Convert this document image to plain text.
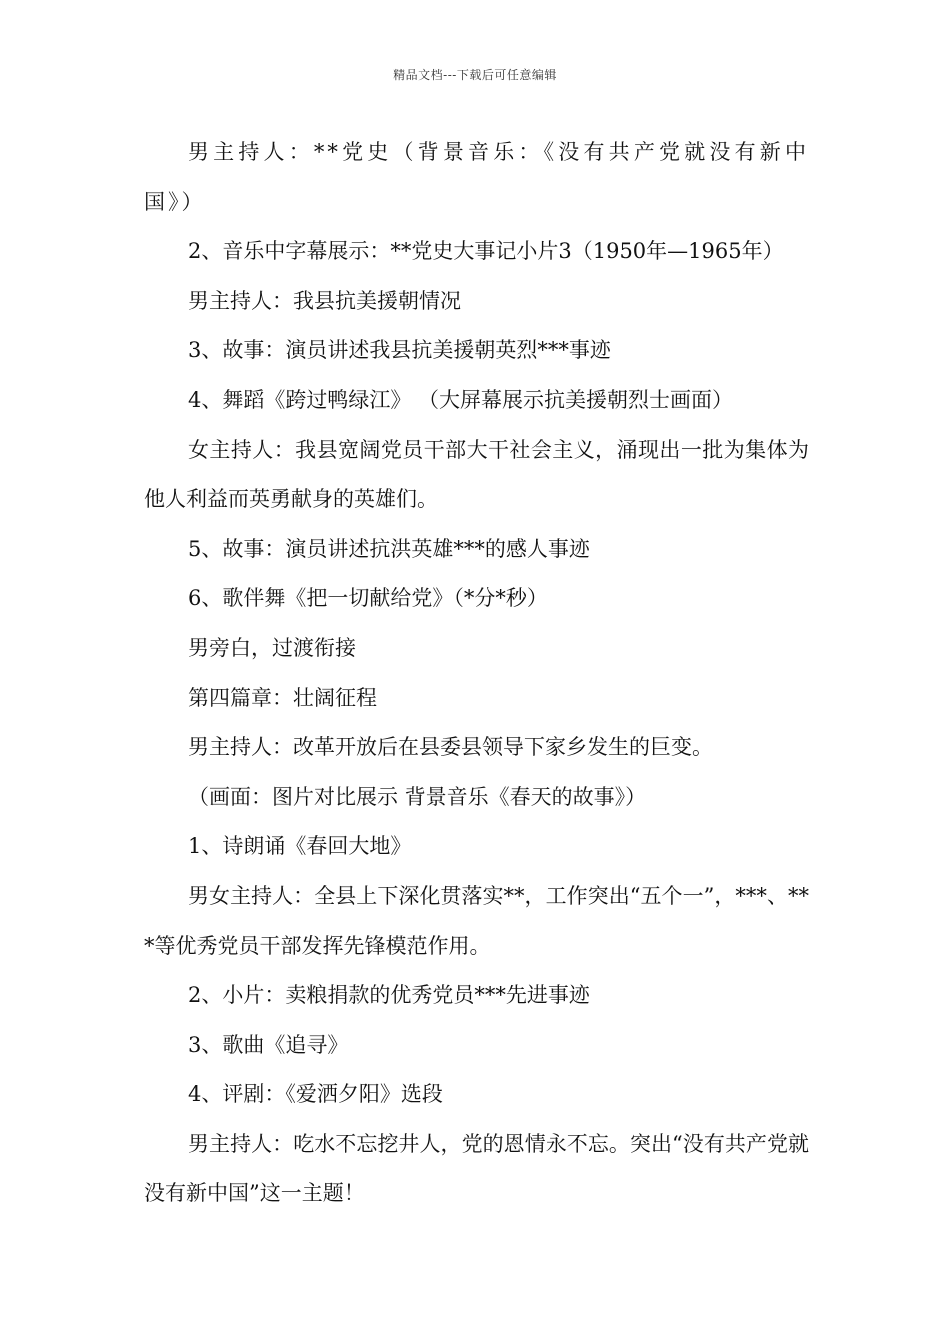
精品文档---下载后可任意编辑

男主持人：**党史（背景音乐：《没有共产党就没有新中国》）

2、音乐中字幕展示：**党史大事记小片3（1950年—1965年）

男主持人：我县抗美援朝情况

3、故事：演员讲述我县抗美援朝英烈***事迹

4、舞蹈《跨过鸭绿江》 （大屏幕展示抗美援朝烈士画面）

女主持人：我县宽阔党员干部大干社会主义，涌现出一批为集体为他人利益而英勇献身的英雄们。

5、故事：演员讲述抗洪英雄***的感人事迹

6、歌伴舞《把一切献给党》（*分*秒）

男旁白，过渡衔接

第四篇章：壮阔征程

男主持人：改革开放后在县委县领导下家乡发生的巨变。

（画面：图片对比展示 背景音乐《春天的故事》）

1、诗朗诵《春回大地》

男女主持人：全县上下深化贯落实**，工作突出“五个一”，***、***等优秀党员干部发挥先锋模范作用。

2、小片：卖粮捐款的优秀党员***先进事迹

3、歌曲《追寻》

4、评剧：《爱洒夕阳》选段

男主持人：吃水不忘挖井人，党的恩情永不忘。突出“没有共产党就没有新中国”这一主题！
